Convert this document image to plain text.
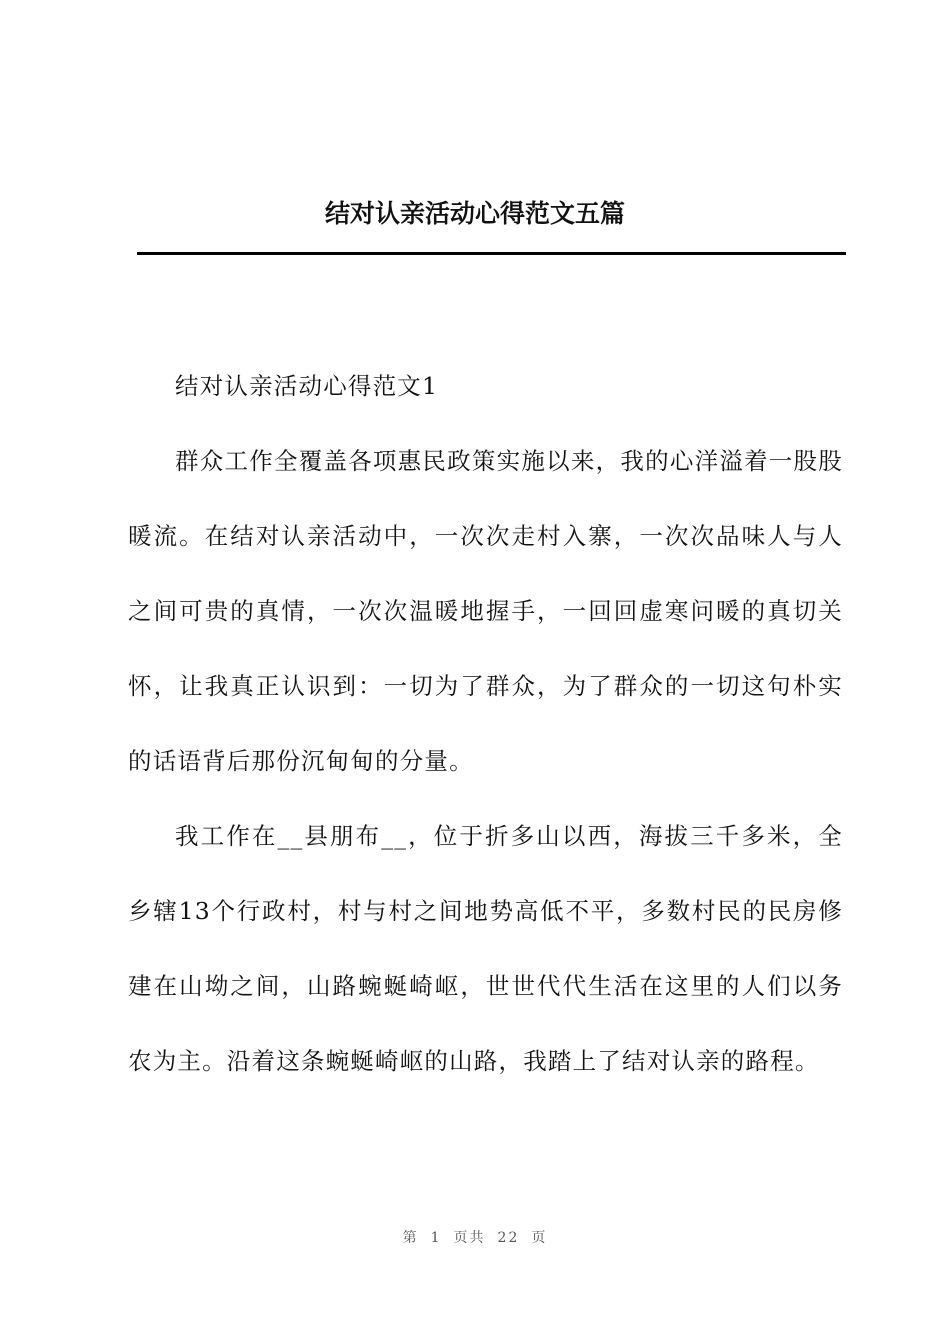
结对认亲活动心得范文五篇

结对认亲活动心得范文1

群众工作全覆盖各项惠民政策实施以来，我的心洋溢着一股股暖流。在结对认亲活动中，一次次走村入寨，一次次品味人与人之间可贵的真情，一次次温暖地握手，一回回虚寒问暖的真切关怀，让我真正认识到：一切为了群众，为了群众的一切这句朴实的话语背后那份沉甸甸的分量。

我工作在__县朋布__，位于折多山以西，海拔三千多米，全乡辖13个行政村，村与村之间地势高低不平，多数村民的民房修建在山坳之间，山路蜿蜒崎岖，世世代代生活在这里的人们以务农为主。沿着这条蜿蜒崎岖的山路，我踏上了结对认亲的路程。

第 1 页共 22 页
